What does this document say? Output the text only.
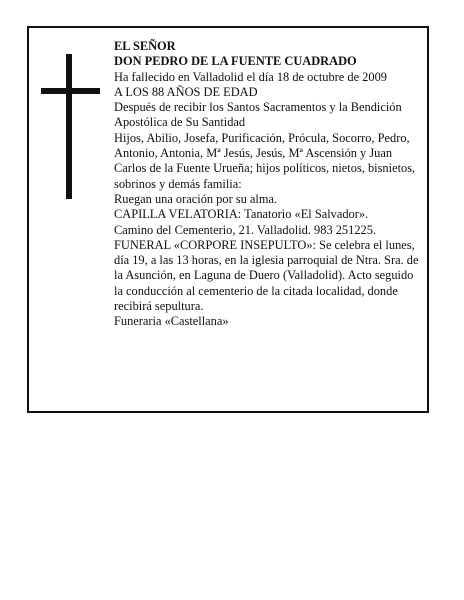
EL SEÑOR

DON PEDRO DE LA FUENTE CUADRADO

Ha fallecido en Valladolid el día 18 de octubre de 2009

A LOS 88 AÑOS DE EDAD

Después de recibir los Santos Sacramentos y la Bendición Apostólica de Su Santidad

Hijos, Abilio, Josefa, Purificación, Prócula, Socorro, Pedro, Antonio, Antonia, Mª Jesús, Jesús, Mª Ascensión y Juan Carlos de la Fuente Urueña; hijos políticos, nietos, bisnietos, sobrinos y demás familia:

Ruegan una oración por su alma.

CAPILLA VELATORIA: Tanatorio «El Salvador».

Camino del Cementerio, 21. Valladolid. 983 251225.

FUNERAL «CORPORE INSEPULTO»: Se celebra el lunes, día 19, a las 13 horas, en la iglesia parroquial de Ntra. Sra. de la Asunción, en Laguna de Duero (Valladolid). Acto seguido la conducción al cementerio de la citada localidad, donde recibirá sepultura.

Funeraria «Castellana»
